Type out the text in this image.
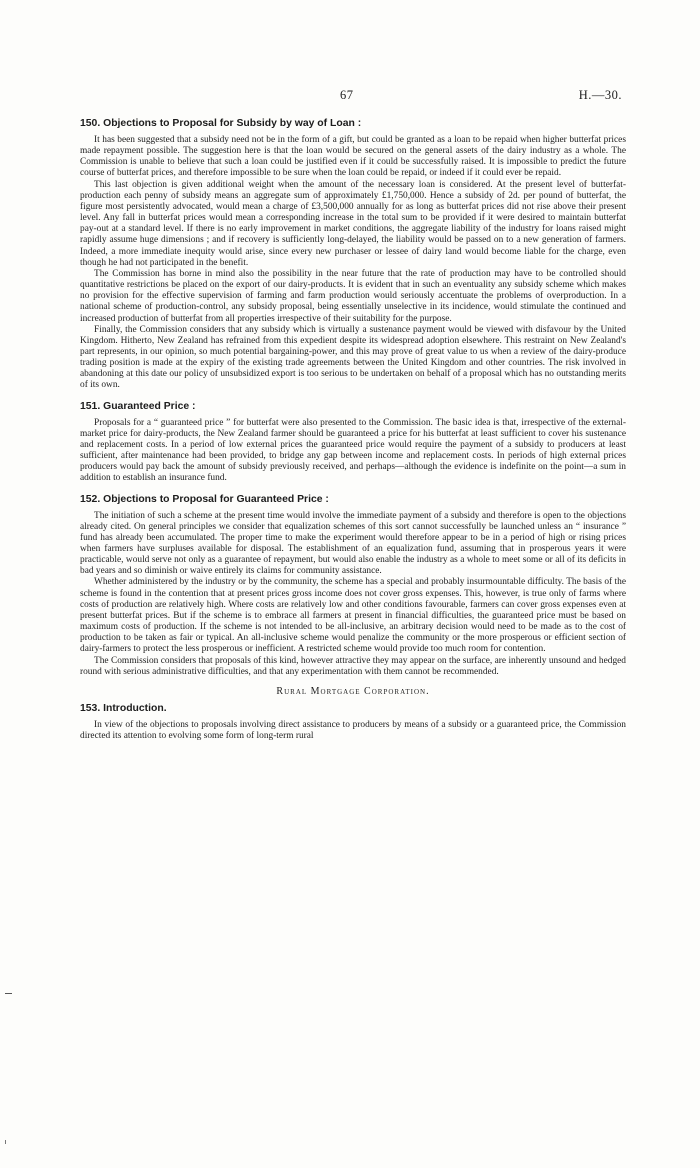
67	H.—30.
150. Objections to Proposal for Subsidy by way of Loan :

It has been suggested that a subsidy need not be in the form of a gift, but could be granted as a loan to be repaid when higher butterfat prices made repayment possible. The suggestion here is that the loan would be secured on the general assets of the dairy industry as a whole. The Commission is unable to believe that such a loan could be justified even if it could be successfully raised. It is impossible to predict the future course of butterfat prices, and therefore impossible to be sure when the loan could be repaid, or indeed if it could ever be repaid.

This last objection is given additional weight when the amount of the necessary loan is considered. At the present level of butterfat-production each penny of subsidy means an aggregate sum of approximately £1,750,000. Hence a subsidy of 2d. per pound of butterfat, the figure most persistently advocated, would mean a charge of £3,500,000 annually for as long as butterfat prices did not rise above their present level. Any fall in butterfat prices would mean a corresponding increase in the total sum to be provided if it were desired to maintain butterfat pay-out at a standard level. If there is no early improvement in market conditions, the aggregate liability of the industry for loans raised might rapidly assume huge dimensions ; and if recovery is sufficiently long-delayed, the liability would be passed on to a new generation of farmers. Indeed, a more immediate inequity would arise, since every new purchaser or lessee of dairy land would become liable for the charge, even though he had not participated in the benefit.

The Commission has borne in mind also the possibility in the near future that the rate of production may have to be controlled should quantitative restrictions be placed on the export of our dairy-products. It is evident that in such an eventuality any subsidy scheme which makes no provision for the effective supervision of farming and farm production would seriously accentuate the problems of overproduction. In a national scheme of production-control, any subsidy proposal, being essentially unselective in its incidence, would stimulate the continued and increased production of butterfat from all properties irrespective of their suitability for the purpose.

Finally, the Commission considers that any subsidy which is virtually a sustenance payment would be viewed with disfavour by the United Kingdom. Hitherto, New Zealand has refrained from this expedient despite its widespread adoption elsewhere. This restraint on New Zealand's part represents, in our opinion, so much potential bargaining-power, and this may prove of great value to us when a review of the dairy-produce trading position is made at the expiry of the existing trade agreements between the United Kingdom and other countries. The risk involved in abandoning at this date our policy of unsubsidized export is too serious to be undertaken on behalf of a proposal which has no outstanding merits of its own.

151. Guaranteed Price :

Proposals for a “ guaranteed price ” for butterfat were also presented to the Commission. The basic idea is that, irrespective of the external-market price for dairy-products, the New Zealand farmer should be guaranteed a price for his butterfat at least sufficient to cover his sustenance and replacement costs. In a period of low external prices the guaranteed price would require the payment of a subsidy to producers at least sufficient, after maintenance had been provided, to bridge any gap between income and replacement costs. In periods of high external prices producers would pay back the amount of subsidy previously received, and perhaps—although the evidence is indefinite on the point—a sum in addition to establish an insurance fund.

152. Objections to Proposal for Guaranteed Price :

The initiation of such a scheme at the present time would involve the immediate payment of a subsidy and therefore is open to the objections already cited. On general principles we consider that equalization schemes of this sort cannot successfully be launched unless an “ insurance ” fund has already been accumulated. The proper time to make the experiment would therefore appear to be in a period of high or rising prices when farmers have surpluses available for disposal. The establishment of an equalization fund, assuming that in prosperous years it were practicable, would serve not only as a guarantee of repayment, but would also enable the industry as a whole to meet some or all of its deficits in bad years and so diminish or waive entirely its claims for community assistance.

Whether administered by the industry or by the community, the scheme has a special and probably insurmountable difficulty. The basis of the scheme is found in the contention that at present prices gross income does not cover gross expenses. This, however, is true only of farms where costs of production are relatively high. Where costs are relatively low and other conditions favourable, farmers can cover gross expenses even at present butterfat prices. But if the scheme is to embrace all farmers at present in financial difficulties, the guaranteed price must be based on maximum costs of production. If the scheme is not intended to be all-inclusive, an arbitrary decision would need to be made as to the cost of production to be taken as fair or typical. An all-inclusive scheme would penalize the community or the more prosperous or efficient section of dairy-farmers to protect the less prosperous or inefficient. A restricted scheme would provide too much room for contention.

The Commission considers that proposals of this kind, however attractive they may appear on the surface, are inherently unsound and hedged round with serious administrative difficulties, and that any experimentation with them cannot be recommended.

Rural Mortgage Corporation.
153. Introduction.

In view of the objections to proposals involving direct assistance to producers by means of a subsidy or a guaranteed price, the Commission directed its attention to evolving some form of long-term rural
